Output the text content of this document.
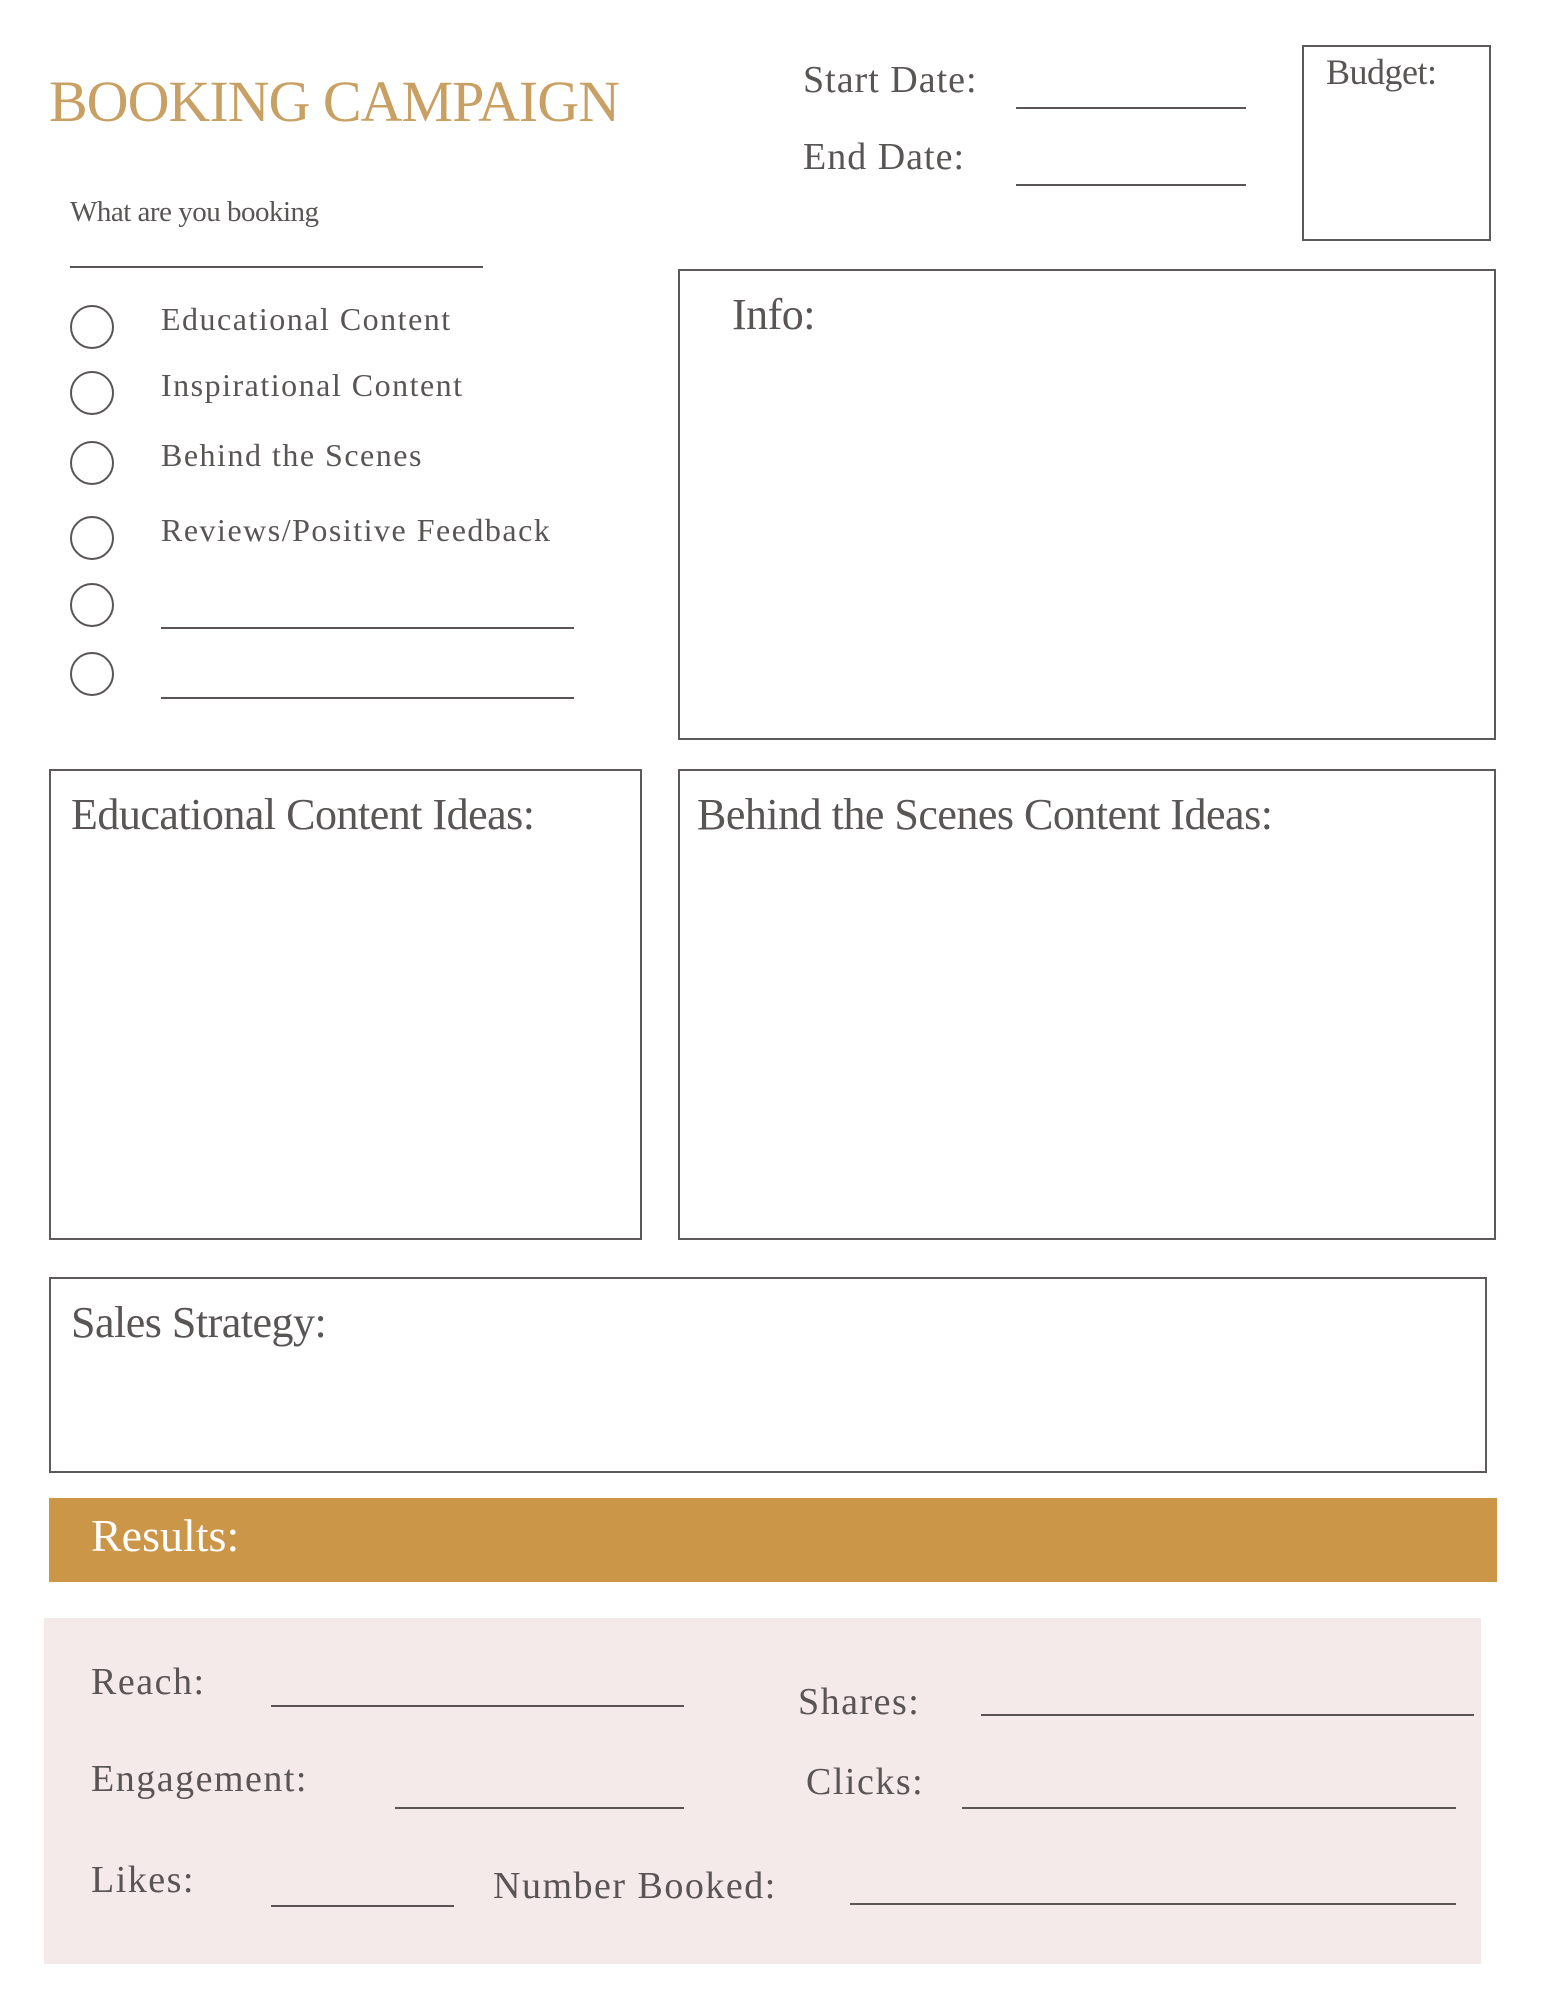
BOOKING CAMPAIGN	Start Date:
End Date:
Budget:
What are you booking
Educational Content
Inspirational Content
Behind the Scenes
Reviews/Positive Feedback
Info:
Educational Content Ideas:	Behind the Scenes Content Ideas:
Sales Strategy:
Results:
Reach:	Shares:
Engagement:	Clicks:
Likes:	Number Booked:
